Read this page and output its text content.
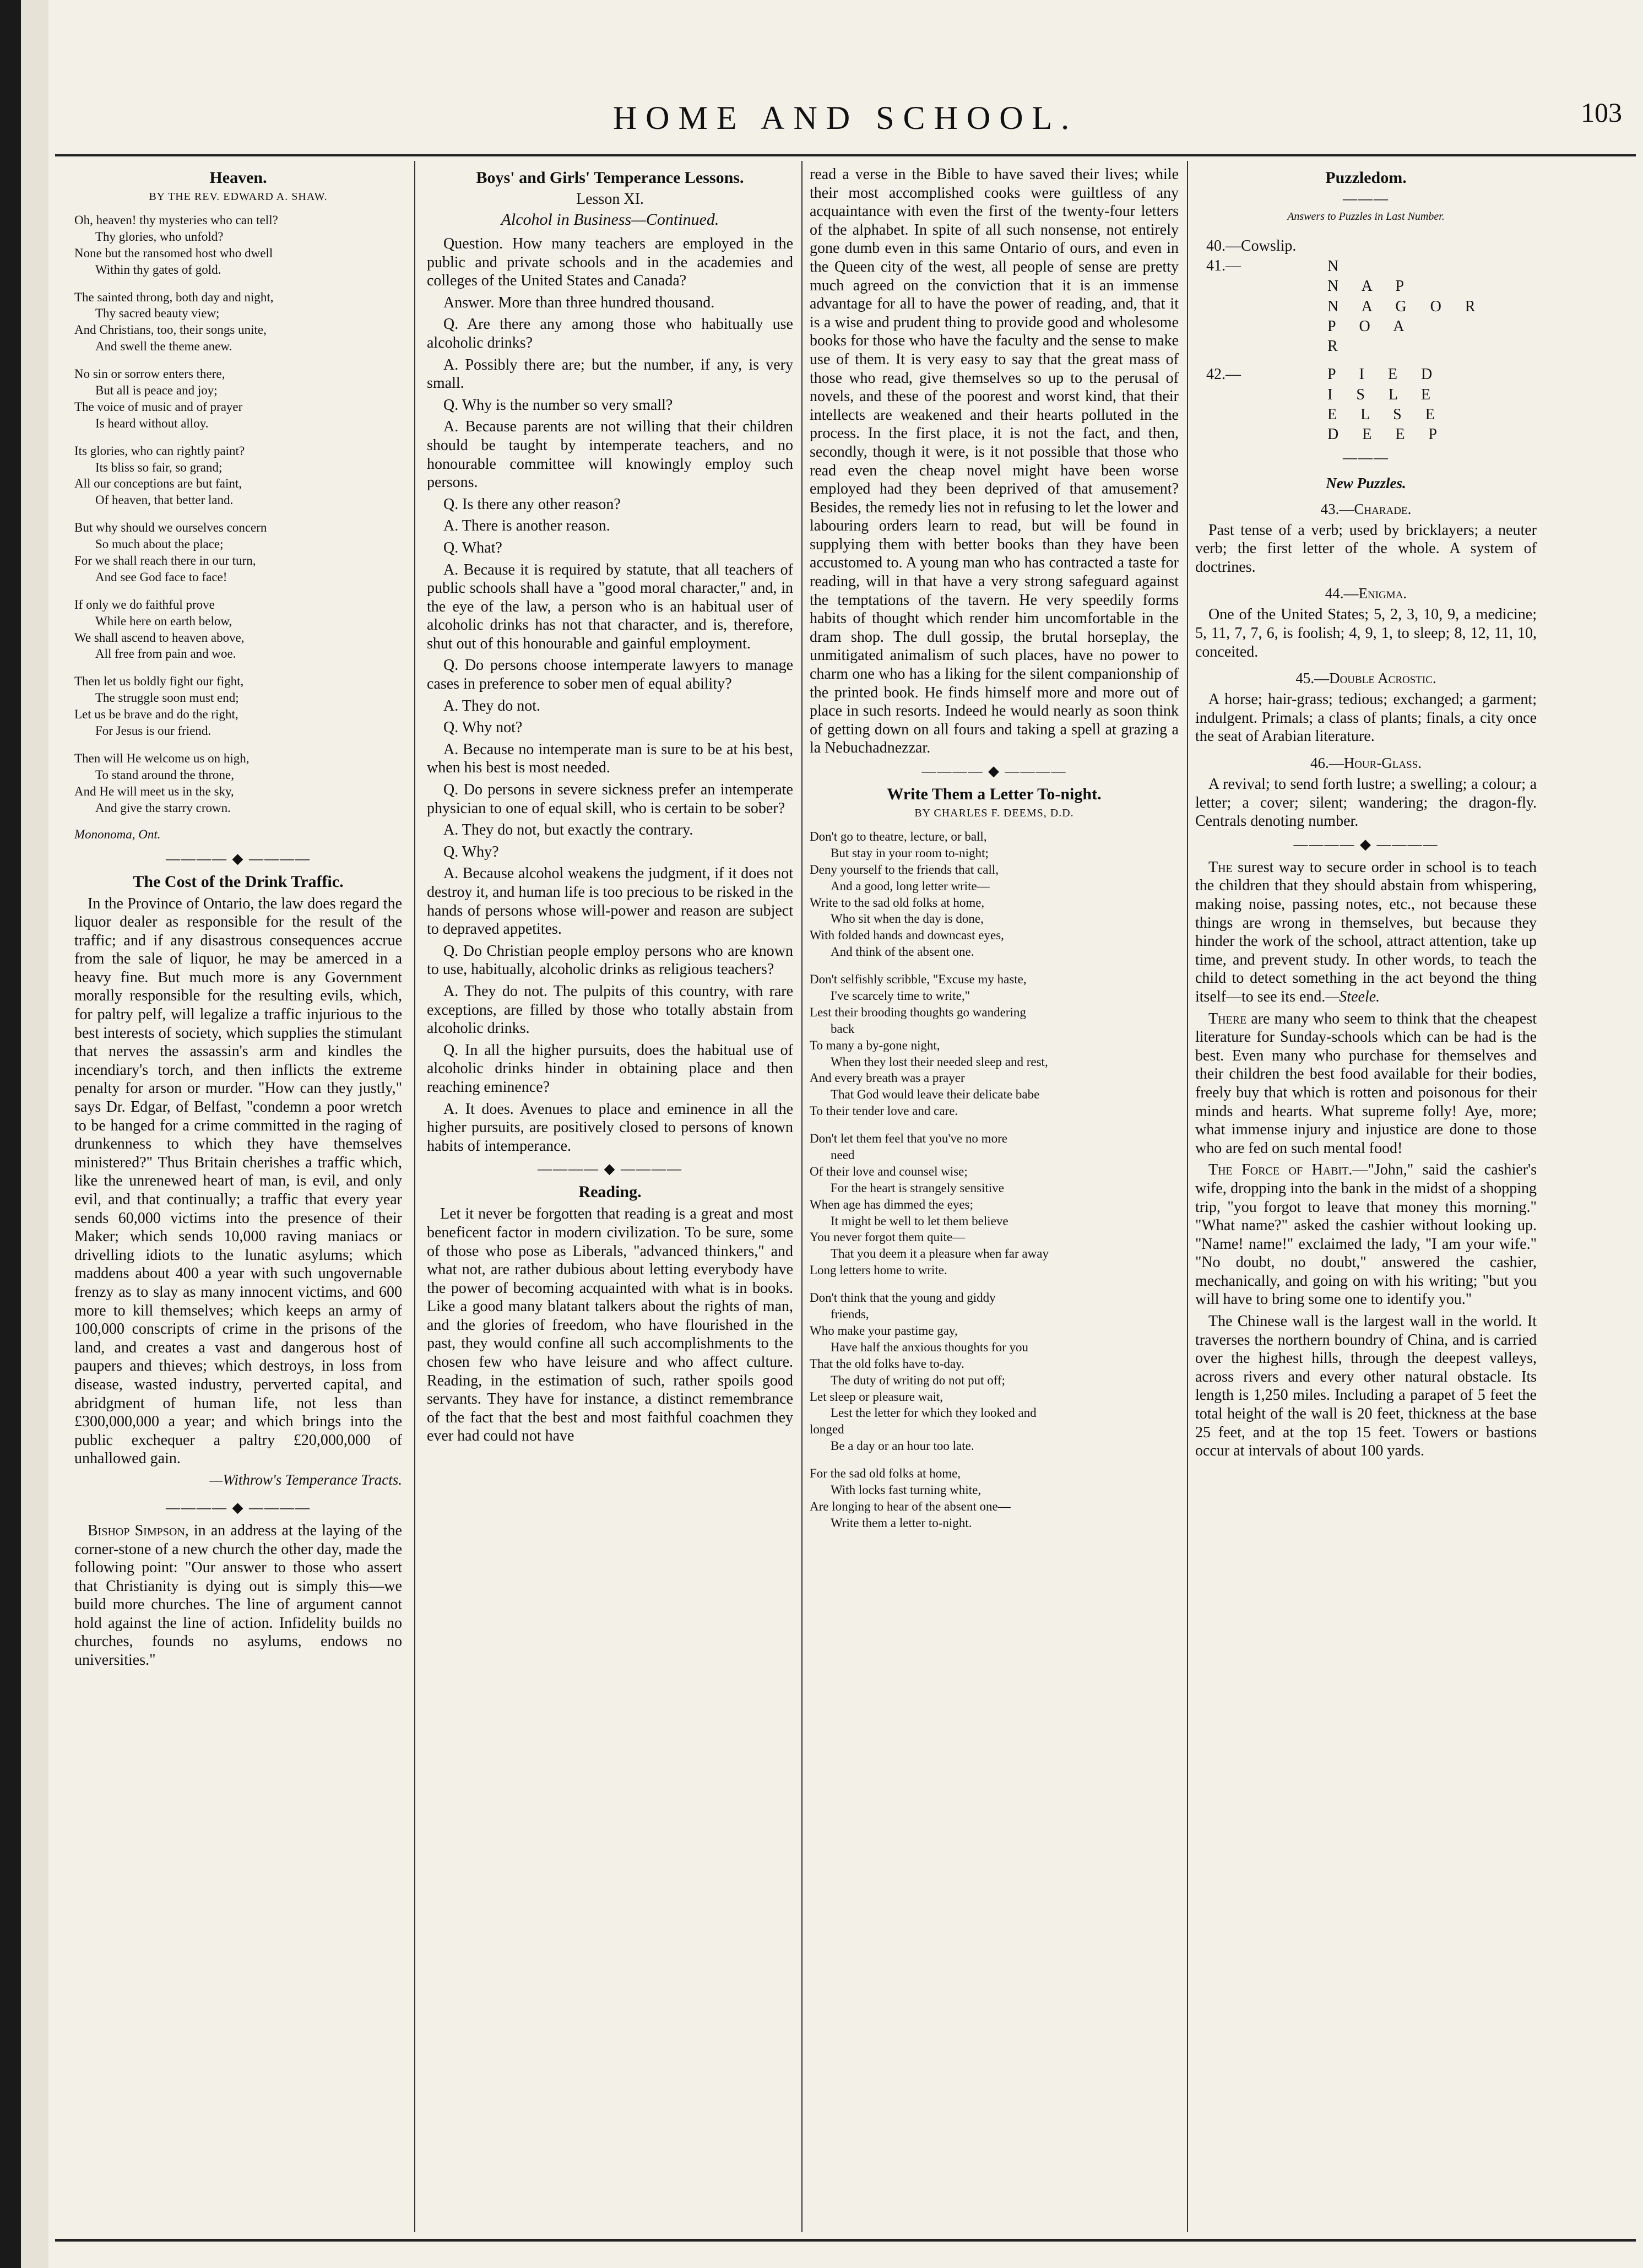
HOME AND SCHOOL.	103
Heaven.
BY THE REV. EDWARD A. SHAW.
Oh, heaven! thy mysteries who can tell?
Thy glories, who unfold?
None but the ransomed host who dwell
Within thy gates of gold.
The sainted throng, both day and night,
Thy sacred beauty view;
And Christians, too, their songs unite,
And swell the theme anew.
No sin or sorrow enters there,
But all is peace and joy;
The voice of music and of prayer
Is heard without alloy.
Its glories, who can rightly paint?
Its bliss so fair, so grand;
All our conceptions are but faint,
Of heaven, that better land.
But why should we ourselves concern
So much about the place;
For we shall reach there in our turn,
And see God face to face!
If only we do faithful prove
While here on earth below,
We shall ascend to heaven above,
All free from pain and woe.
Then let us boldly fight our fight,
The struggle soon must end;
Let us be brave and do the right,
For Jesus is our friend.
Then will He welcome us on high,
To stand around the throne,
And He will meet us in the sky,
And give the starry crown.
Mononoma, Ont.
———— ◆ ————
The Cost of the Drink Traffic.

In the Province of Ontario, the law does regard the liquor dealer as responsible for the result of the traffic; and if any disastrous consequences accrue from the sale of liquor, he may be amerced in a heavy fine. But much more is any Government morally responsible for the resulting evils, which, for paltry pelf, will legalize a traffic injurious to the best interests of society, which supplies the stimulant that nerves the assassin's arm and kindles the incendiary's torch, and then inflicts the extreme penalty for arson or murder. "How can they justly," says Dr. Edgar, of Belfast, "condemn a poor wretch to be hanged for a crime committed in the raging of drunkenness to which they have themselves ministered?" Thus Britain cherishes a traffic which, like the unrenewed heart of man, is evil, and only evil, and that continually; a traffic that every year sends 60,000 victims into the presence of their Maker; which sends 10,000 raving maniacs or drivelling idiots to the lunatic asylums; which maddens about 400 a year with such ungovernable frenzy as to slay as many innocent victims, and 600 more to kill themselves; which keeps an army of 100,000 conscripts of crime in the prisons of the land, and creates a vast and dangerous host of paupers and thieves; which destroys, in loss from disease, wasted industry, perverted capital, and abridgment of human life, not less than £300,000,000 a year; and which brings into the public exchequer a paltry £20,000,000 of unhallowed gain.

—Withrow's Temperance Tracts.
———— ◆ ————

Bishop Simpson, in an address at the laying of the corner-stone of a new church the other day, made the following point: "Our answer to those who assert that Christianity is dying out is simply this—we build more churches. The line of argument cannot hold against the line of action. Infidelity builds no churches, founds no asylums, endows no universities."

Boys' and Girls' Temperance Lessons.
Lesson XI.
Alcohol in Business—Continued.

Question. How many teachers are employed in the public and private schools and in the academies and colleges of the United States and Canada?

Answer. More than three hundred thousand.

Q. Are there any among those who habitually use alcoholic drinks?

A. Possibly there are; but the number, if any, is very small.

Q. Why is the number so very small?

A. Because parents are not willing that their children should be taught by intemperate teachers, and no honourable committee will knowingly employ such persons.

Q. Is there any other reason?

A. There is another reason.

Q. What?

A. Because it is required by statute, that all teachers of public schools shall have a "good moral character," and, in the eye of the law, a person who is an habitual user of alcoholic drinks has not that character, and is, therefore, shut out of this honourable and gainful employment.

Q. Do persons choose intemperate lawyers to manage cases in preference to sober men of equal ability?

A. They do not.

Q. Why not?

A. Because no intemperate man is sure to be at his best, when his best is most needed.

Q. Do persons in severe sickness prefer an intemperate physician to one of equal skill, who is certain to be sober?

A. They do not, but exactly the contrary.

Q. Why?

A. Because alcohol weakens the judgment, if it does not destroy it, and human life is too precious to be risked in the hands of persons whose will-power and reason are subject to depraved appetites.

Q. Do Christian people employ persons who are known to use, habitually, alcoholic drinks as religious teachers?

A. They do not. The pulpits of this country, with rare exceptions, are filled by those who totally abstain from alcoholic drinks.

Q. In all the higher pursuits, does the habitual use of alcoholic drinks hinder in obtaining place and then reaching eminence?

A. It does. Avenues to place and eminence in all the higher pursuits, are positively closed to persons of known habits of intemperance.

———— ◆ ————
Reading.

Let it never be forgotten that reading is a great and most beneficent factor in modern civilization. To be sure, some of those who pose as Liberals, "advanced thinkers," and what not, are rather dubious about letting everybody have the power of becoming acquainted with what is in books. Like a good many blatant talkers about the rights of man, and the glories of freedom, who have flourished in the past, they would confine all such accomplishments to the chosen few who have leisure and who affect culture. Reading, in the estimation of such, rather spoils good servants. They have for instance, a distinct remembrance of the fact that the best and most faithful coachmen they ever had could not have

read a verse in the Bible to have saved their lives; while their most accomplished cooks were guiltless of any acquaintance with even the first of the twenty-four letters of the alphabet. In spite of all such nonsense, not entirely gone dumb even in this same Ontario of ours, and even in the Queen city of the west, all people of sense are pretty much agreed on the conviction that it is an immense advantage for all to have the power of reading, and, that it is a wise and prudent thing to provide good and wholesome books for those who have the faculty and the sense to make use of them. It is very easy to say that the great mass of those who read, give themselves so up to the perusal of novels, and these of the poorest and worst kind, that their intellects are weakened and their hearts polluted in the process. In the first place, it is not the fact, and then, secondly, though it were, is it not possible that those who read even the cheap novel might have been worse employed had they been deprived of that amusement? Besides, the remedy lies not in refusing to let the lower and labouring orders learn to read, but will be found in supplying them with better books than they have been accustomed to. A young man who has contracted a taste for reading, will in that have a very strong safeguard against the temptations of the tavern. He very speedily forms habits of thought which render him uncomfortable in the dram shop. The dull gossip, the brutal horseplay, the unmitigated animalism of such places, have no power to charm one who has a liking for the silent companionship of the printed book. He finds himself more and more out of place in such resorts. Indeed he would nearly as soon think of getting down on all fours and taking a spell at grazing a la Nebuchadnezzar.

———— ◆ ————
Write Them a Letter To-night.
BY CHARLES F. DEEMS, D.D.
Don't go to theatre, lecture, or ball,
But stay in your room to-night;
Deny yourself to the friends that call,
And a good, long letter write—
Write to the sad old folks at home,
Who sit when the day is done,
With folded hands and downcast eyes,
And think of the absent one.
Don't selfishly scribble, "Excuse my haste,
I've scarcely time to write,"
Lest their brooding thoughts go wandering
back
To many a by-gone night,
When they lost their needed sleep and rest,
And every breath was a prayer
That God would leave their delicate babe
To their tender love and care.
Don't let them feel that you've no more
need
Of their love and counsel wise;
For the heart is strangely sensitive
When age has dimmed the eyes;
It might be well to let them believe
You never forgot them quite—
That you deem it a pleasure when far away
Long letters home to write.
Don't think that the young and giddy
friends,
Who make your pastime gay,
Have half the anxious thoughts for you
That the old folks have to-day.
The duty of writing do not put off;
Let sleep or pleasure wait,
Lest the letter for which they looked and
longed
Be a day or an hour too late.
For the sad old folks at home,
With locks fast turning white,
Are longing to hear of the absent one—
Write them a letter to-night.
Puzzledom.
———
Answers to Puzzles in Last Number.
40.—Cowslip.
41.—	N
N A P
N A G O R
P O A
R
42.—	P I E D
I S L E
E L S E
D E E P
———
New Puzzles.
43.—Charade.

Past tense of a verb; used by bricklayers; a neuter verb; the first letter of the whole. A system of doctrines.

44.—Enigma.

One of the United States; 5, 2, 3, 10, 9, a medicine; 5, 11, 7, 7, 6, is foolish; 4, 9, 1, to sleep; 8, 12, 11, 10, conceited.

45.—Double Acrostic.

A horse; hair-grass; tedious; exchanged; a garment; indulgent. Primals; a class of plants; finals, a city once the seat of Arabian literature.

46.—Hour-Glass.

A revival; to send forth lustre; a swelling; a colour; a letter; a cover; silent; wandering; the dragon-fly. Centrals denoting number.

———— ◆ ————

The surest way to secure order in school is to teach the children that they should abstain from whispering, making noise, passing notes, etc., not because these things are wrong in themselves, but because they hinder the work of the school, attract attention, take up time, and prevent study. In other words, to teach the child to detect something in the act beyond the thing itself—to see its end.—Steele.

There are many who seem to think that the cheapest literature for Sunday-schools which can be had is the best. Even many who purchase for themselves and their children the best food available for their bodies, freely buy that which is rotten and poisonous for their minds and hearts. What supreme folly! Aye, more; what immense injury and injustice are done to those who are fed on such mental food!

The Force of Habit.—"John," said the cashier's wife, dropping into the bank in the midst of a shopping trip, "you forgot to leave that money this morning." "What name?" asked the cashier without looking up. "Name! name!" exclaimed the lady, "I am your wife." "No doubt, no doubt," answered the cashier, mechanically, and going on with his writing; "but you will have to bring some one to identify you."

The Chinese wall is the largest wall in the world. It traverses the northern boundry of China, and is carried over the highest hills, through the deepest valleys, across rivers and every other natural obstacle. Its length is 1,250 miles. Including a parapet of 5 feet the total height of the wall is 20 feet, thickness at the base 25 feet, and at the top 15 feet. Towers or bastions occur at intervals of about 100 yards.
